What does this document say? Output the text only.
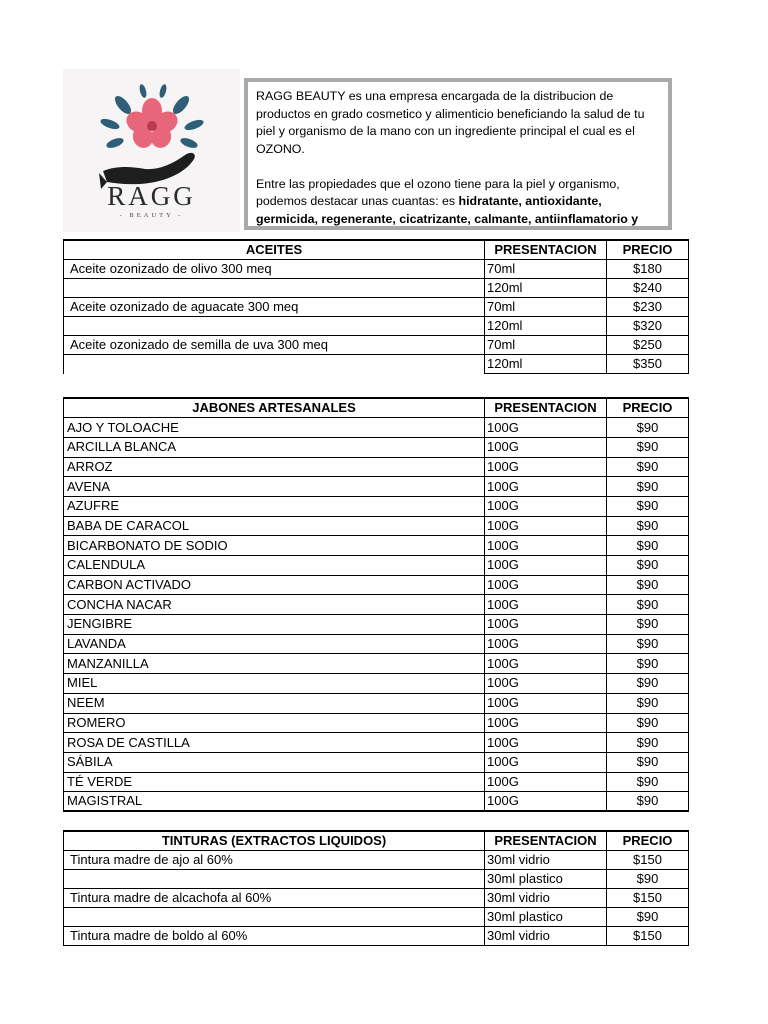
RAGG
- BEAUTY -

RAGG BEAUTY es una empresa encargada de la distribucion de productos en grado cosmetico y alimenticio beneficiando la salud de tu piel y organismo de la mano con un ingrediente principal el cual es el OZONO.

Entre las propiedades que el ozono tiene para la piel y organismo, podemos destacar unas cuantas: es hidratante, antioxidante, germicida, regenerante, cicatrizante, calmante, antiinflamatorio y

ACEITES	PRESENTACION	PRECIO
Aceite ozonizado de olivo 300 meq	70ml	$180
	120ml	$240
Aceite ozonizado de aguacate 300 meq	70ml	$230
	120ml	$320
Aceite ozonizado de semilla de uva 300 meq	70ml	$250
	120ml	$350
JABONES ARTESANALES	PRESENTACION	PRECIO
AJO Y TOLOACHE	100G	$90
ARCILLA BLANCA	100G	$90
ARROZ	100G	$90
AVENA	100G	$90
AZUFRE	100G	$90
BABA DE CARACOL	100G	$90
BICARBONATO DE SODIO	100G	$90
CALENDULA	100G	$90
CARBON ACTIVADO	100G	$90
CONCHA NACAR	100G	$90
JENGIBRE	100G	$90
LAVANDA	100G	$90
MANZANILLA	100G	$90
MIEL	100G	$90
NEEM	100G	$90
ROMERO	100G	$90
ROSA DE CASTILLA	100G	$90
SÁBILA	100G	$90
TÉ VERDE	100G	$90
MAGISTRAL	100G	$90
TINTURAS (EXTRACTOS LIQUIDOS)	PRESENTACION	PRECIO
Tintura madre de ajo al 60%	30ml vidrio	$150
	30ml plastico	$90
Tintura madre de alcachofa al 60%	30ml vidrio	$150
	30ml plastico	$90
Tintura madre de boldo al 60%	30ml vidrio	$150
